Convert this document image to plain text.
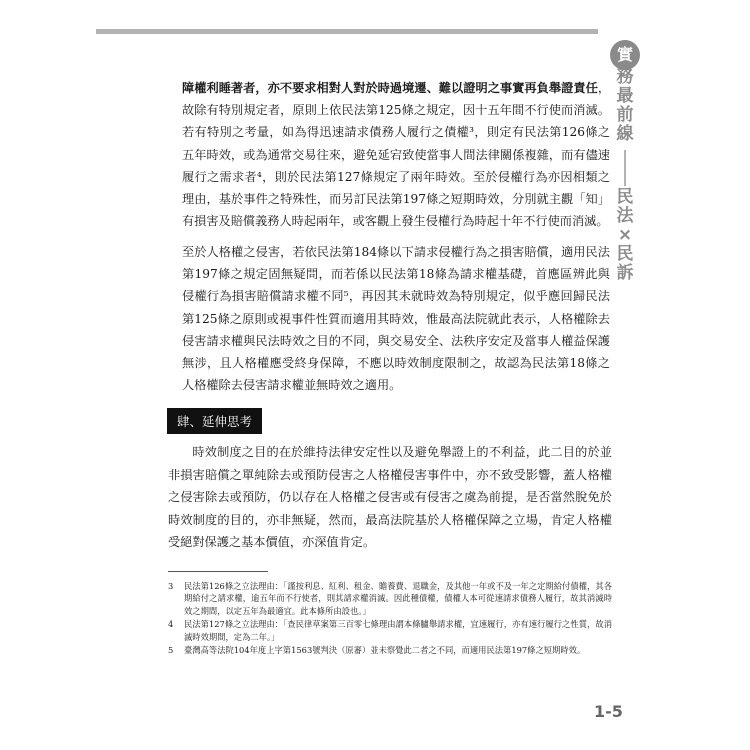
實
務
最
前
線
民
法
×
民
訴

障權利睡著者，亦不要求相對人對於時過境遷、難以證明之事實再負舉證責任，故除有特別規定者，原則上依民法第125條之規定，因十五年間不行使而消滅。若有特別之考量，如為得迅速請求債務人履行之債權³，則定有民法第126條之五年時效，或為通常交易往來，避免延宕致使當事人間法律關係複雜，而有儘速履行之需求者⁴，則於民法第127條規定了兩年時效。至於侵權行為亦因相類之理由，基於事件之特殊性，而另訂民法第197條之短期時效，分別就主觀「知」有損害及賠償義務人時起兩年，或客觀上發生侵權行為時起十年不行使而消滅。

至於人格權之侵害，若依民法第184條以下請求侵權行為之損害賠償，適用民法第197條之規定固無疑問，而若係以民法第18條為請求權基礎，首應區辨此與侵權行為損害賠償請求權不同⁵，再因其未就時效為特別規定，似乎應回歸民法第125條之原則或視事件性質而適用其時效，惟最高法院就此表示，人格權除去侵害請求權與民法時效之目的不同，與交易安全、法秩序安定及當事人權益保護無涉，且人格權應受終身保障，不應以時效制度限制之，故認為民法第18條之人格權除去侵害請求權並無時效之適用。

肆、延伸思考

時效制度之目的在於維持法律安定性以及避免舉證上的不利益，此二目的於並非損害賠償之單純除去或預防侵害之人格權侵害事件中，亦不致受影響，蓋人格權之侵害除去或預防，仍以存在人格權之侵害或有侵害之虞為前提，是否當然脫免於時效制度的目的，亦非無疑，然而，最高法院基於人格權保障之立場，肯定人格權受絕對保護之基本價值，亦深值肯定。

3	民法第126條之立法理由：「謹按利息、紅利、租金、贍養費、退職金，及其他一年或不及一年之定期給付債權，其各期給付之請求權，逾五年而不行使者，則其請求權消滅。因此種債權，債權人本可從速請求債務人履行，故其消滅時效之期間，以定五年為最適宜。此本條所由設也。」
4	民法第127條之立法理由：「查民律草案第三百零七條理由謂本條臚舉請求權，宜速履行，亦有速行履行之性質，故消滅時效期間，定為二年。」
5	臺灣高等法院104年度上字第1563號判決（原審）並未察覺此二者之不同，而適用民法第197條之短期時效。
1-5
